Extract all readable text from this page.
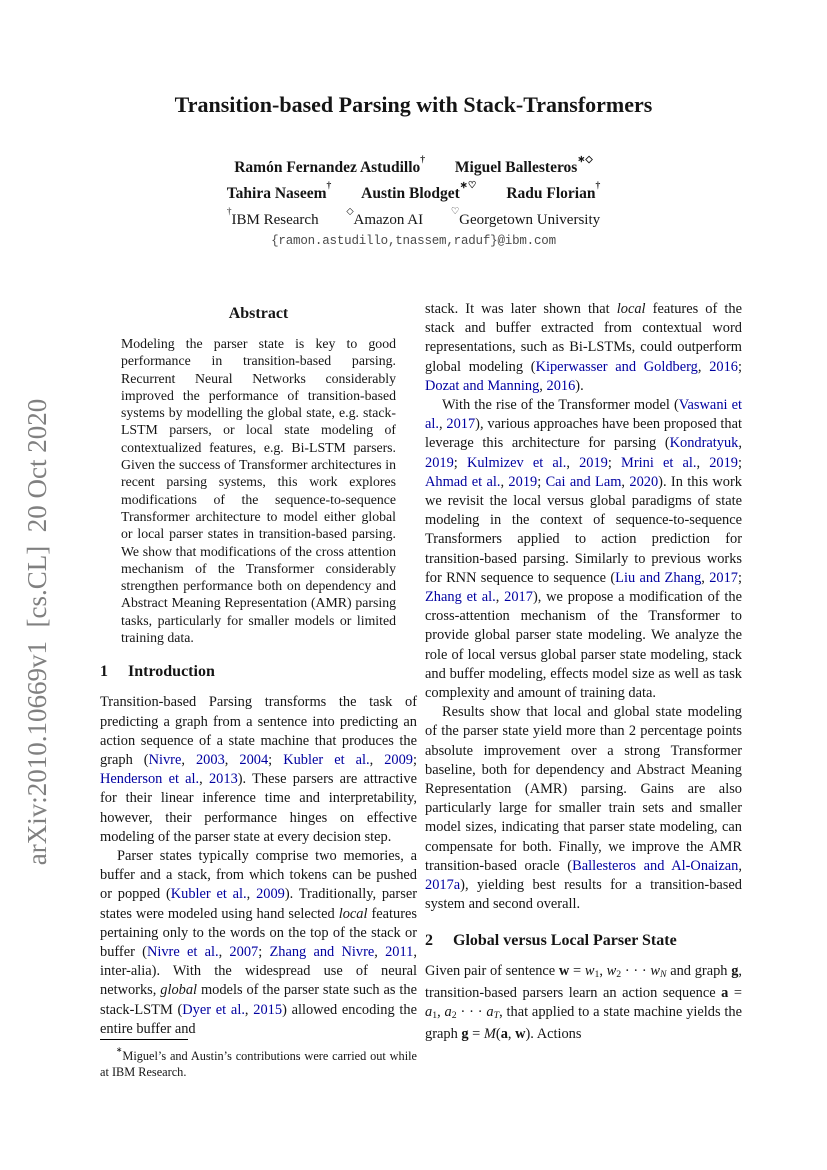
arXiv:2010.10669v1  [cs.CL]  20 Oct 2020
Transition-based Parsing with Stack-Transformers
Ramón Fernandez Astudillo† Miguel Ballesteros∗◇
Tahira Naseem† Austin Blodget∗♡ Radu Florian†
†IBM Research ◇Amazon AI ♡Georgetown University
{ramon.astudillo,tnassem,raduf}@ibm.com
Abstract
Modeling the parser state is key to good performance in transition-based parsing. Recurrent Neural Networks considerably improved the performance of transition-based systems by modelling the global state, e.g. stack-LSTM parsers, or local state modeling of contextualized features, e.g. Bi-LSTM parsers. Given the success of Transformer architectures in recent parsing systems, this work explores modifications of the sequence-to-sequence Transformer architecture to model either global or local parser states in transition-based parsing. We show that modifications of the cross attention mechanism of the Transformer considerably strengthen performance both on dependency and Abstract Meaning Representation (AMR) parsing tasks, particularly for smaller models or limited training data.
1 Introduction

Transition-based Parsing transforms the task of predicting a graph from a sentence into predicting an action sequence of a state machine that produces the graph (Nivre, 2003, 2004; Kubler et al., 2009; Henderson et al., 2013). These parsers are attractive for their linear inference time and interpretability, however, their performance hinges on effective modeling of the parser state at every decision step.

Parser states typically comprise two memories, a buffer and a stack, from which tokens can be pushed or popped (Kubler et al., 2009). Traditionally, parser states were modeled using hand selected local features pertaining only to the words on the top of the stack or buffer (Nivre et al., 2007; Zhang and Nivre, 2011, inter-alia). With the widespread use of neural networks, global models of the parser state such as the stack-LSTM (Dyer et al., 2015) allowed encoding the entire buffer and

∗Miguel’s and Austin’s contributions were carried out while at IBM Research.

stack. It was later shown that local features of the stack and buffer extracted from contextual word representations, such as Bi-LSTMs, could outperform global modeling (Kiperwasser and Goldberg, 2016; Dozat and Manning, 2016).

With the rise of the Transformer model (Vaswani et al., 2017), various approaches have been proposed that leverage this architecture for parsing (Kondratyuk, 2019; Kulmizev et al., 2019; Mrini et al., 2019; Ahmad et al., 2019; Cai and Lam, 2020). In this work we revisit the local versus global paradigms of state modeling in the context of sequence-to-sequence Transformers applied to action prediction for transition-based parsing. Similarly to previous works for RNN sequence to sequence (Liu and Zhang, 2017; Zhang et al., 2017), we propose a modification of the cross-attention mechanism of the Transformer to provide global parser state modeling. We analyze the role of local versus global parser state modeling, stack and buffer modeling, effects model size as well as task complexity and amount of training data.

Results show that local and global state modeling of the parser state yield more than 2 percentage points absolute improvement over a strong Transformer baseline, both for dependency and Abstract Meaning Representation (AMR) parsing. Gains are also particularly large for smaller train sets and smaller model sizes, indicating that parser state modeling, can compensate for both. Finally, we improve the AMR transition-based oracle (Ballesteros and Al-Onaizan, 2017a), yielding best results for a transition-based system and second overall.

2 Global versus Local Parser State

Given pair of sentence w = w1, w2 · · · wN and graph g, transition-based parsers learn an action sequence a = a1, a2 · · · aT, that applied to a state machine yields the graph g = M(a, w). Actions
